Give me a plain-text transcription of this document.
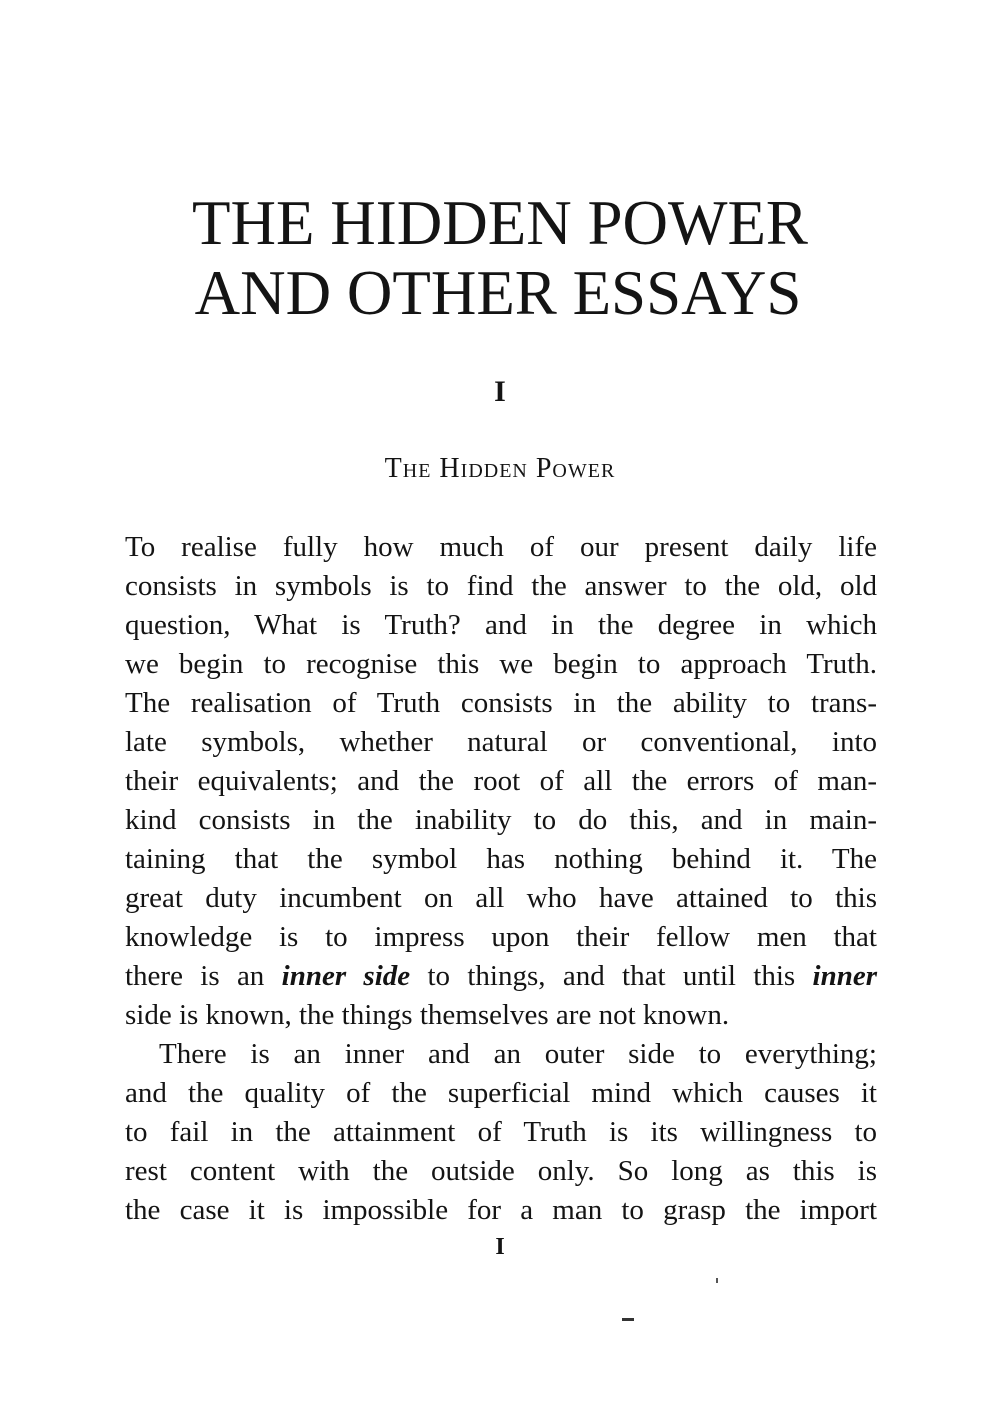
THE HIDDEN POWER
AND OTHER ESSAYS
I
The Hidden Power
To realise fully how much of our present daily life
consists in symbols is to find the answer to the old, old
question, What is Truth? and in the degree in which
we begin to recognise this we begin to approach Truth.
The realisation of Truth consists in the ability to trans-
late symbols, whether natural or conventional, into
their equivalents; and the root of all the errors of man-
kind consists in the inability to do this, and in main-
taining that the symbol has nothing behind it. The
great duty incumbent on all who have attained to this
knowledge is to impress upon their fellow men that
there is an inner side to things, and that until this inner
side is known, the things themselves are not known.
There is an inner and an outer side to everything;
and the quality of the superficial mind which causes it
to fail in the attainment of Truth is its willingness to
rest content with the outside only. So long as this is
the case it is impossible for a man to grasp the import
I
